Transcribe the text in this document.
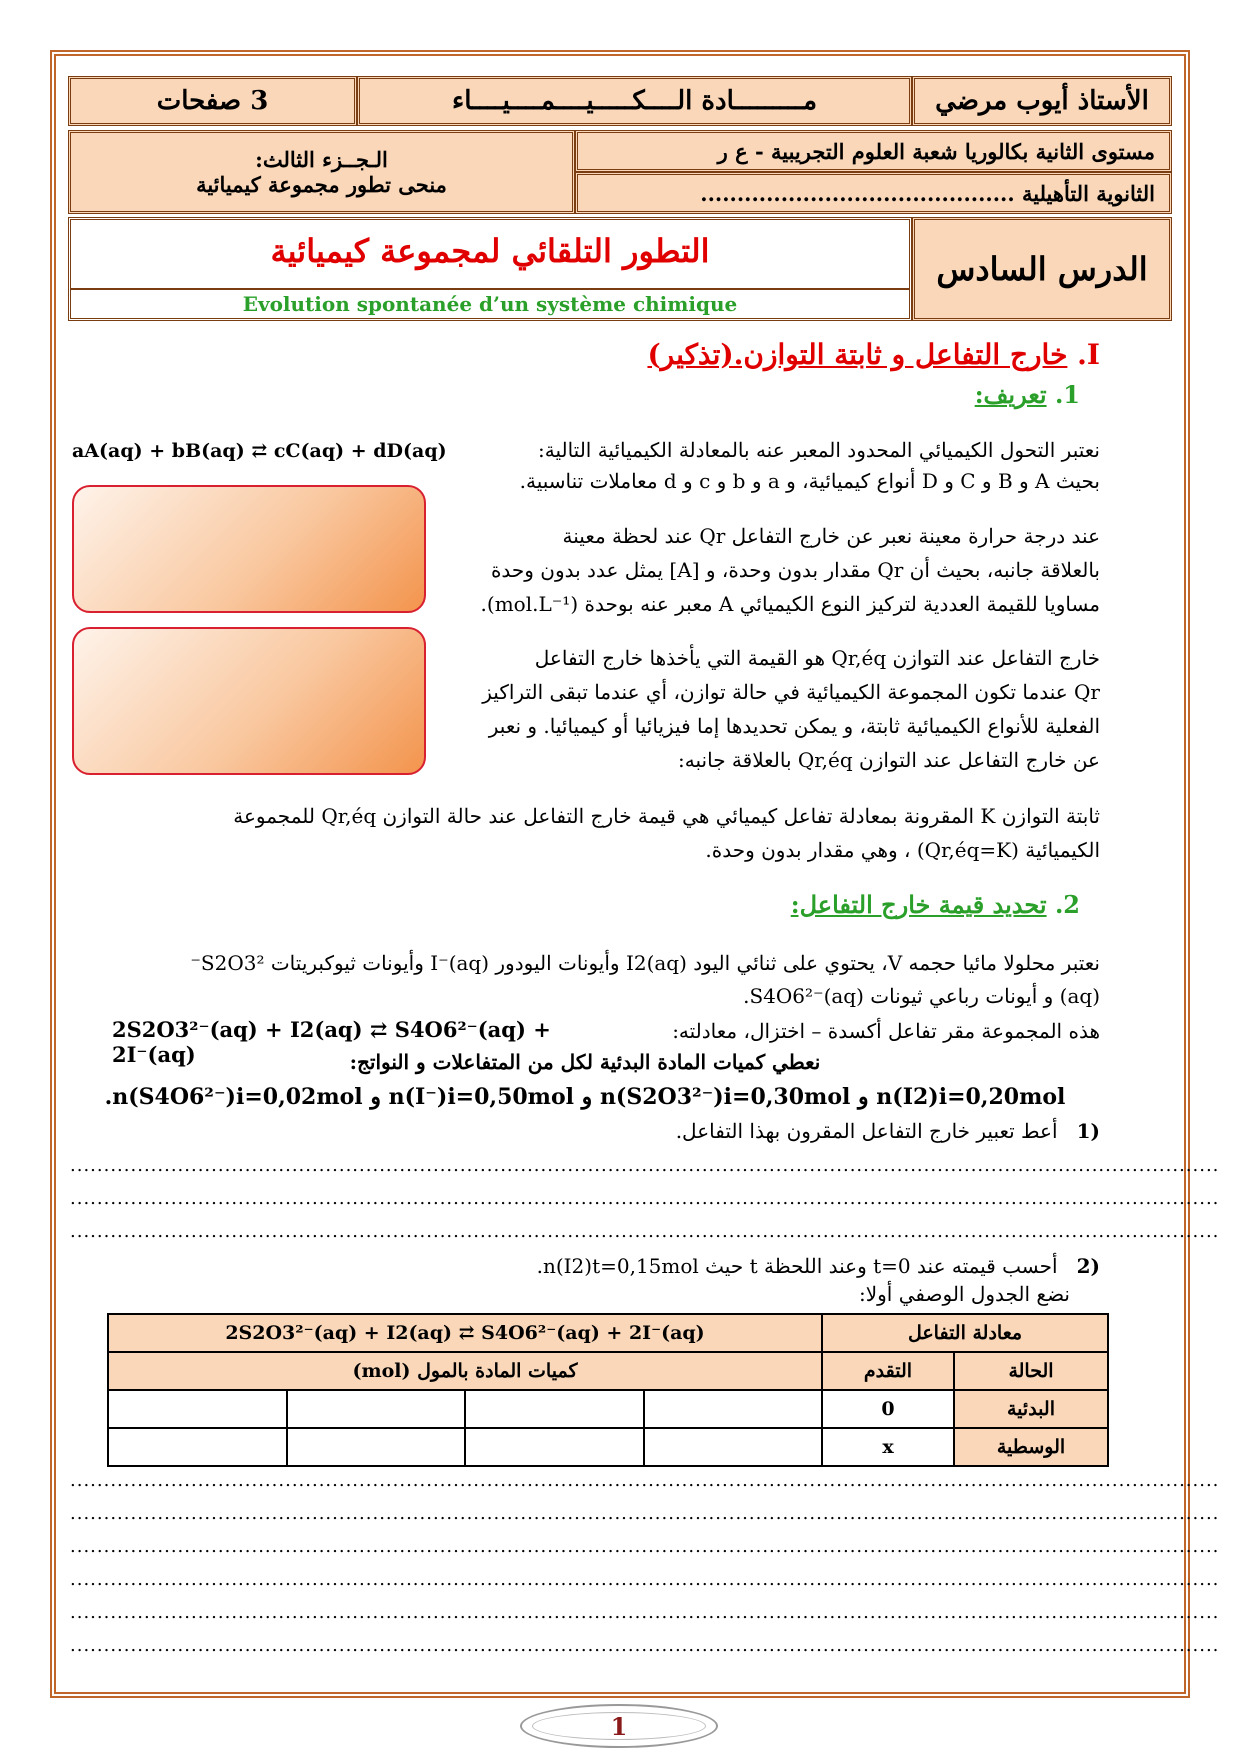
الأستاذ أيوب مرضي
مـــــــــادة الــــكـــــيــــمــــيــــاء
3 صفحات
مستوى الثانية بكالوريا شعبة العلوم التجريبية - ع ر
الثانوية التأهيلية ...........................................
الـجــزء الثالث:
منحى تطور مجموعة كيميائية
الدرس السادس
التطور التلقائي لمجموعة كيميائية
Evolution spontanée d’un système chimique
I. خارج التفاعل و ثابتة التوازن.(تذكير)
1. تعريف:
نعتبر التحول الكيميائي المحدود المعبر عنه بالمعادلة الكيميائية التالية:
aA(aq) + bB(aq) ⇄ cC(aq) + dD(aq)
بحيث A و B و C و D أنواع كيميائية، و a و b و c و d معاملات تناسبية.
عند درجة حرارة معينة نعبر عن خارج التفاعل Qr عند لحظة معينة
بالعلاقة جانبه، بحيث أن Qr مقدار بدون وحدة، و [A] يمثل عدد بدون وحدة
مساويا للقيمة العددية لتركيز النوع الكيميائي A معبر عنه بوحدة (mol.L⁻¹).
خارج التفاعل عند التوازن Qr,éq هو القيمة التي يأخذها خارج التفاعل
Qr عندما تكون المجموعة الكيميائية في حالة توازن، أي عندما تبقى التراكيز
الفعلية للأنواع الكيميائية ثابتة، و يمكن تحديدها إما فيزيائيا أو كيميائيا. و نعبر
عن خارج التفاعل عند التوازن Qr,éq بالعلاقة جانبه:
ثابتة التوازن K المقرونة بمعادلة تفاعل كيميائي هي قيمة خارج التفاعل عند حالة التوازن Qr,éq للمجموعة
الكيميائية (Qr,éq=K) ، وهي مقدار بدون وحدة.
2. تحديد قيمة خارج التفاعل:
نعتبر محلولا مائيا حجمه V، يحتوي على ثنائي اليود I2(aq) وأيونات اليودور I⁻(aq) وأيونات ثيوكبريتات S2O3²⁻
(aq) و أيونات رباعي ثيونات S4O6²⁻(aq).
هذه المجموعة مقر تفاعل أكسدة – اختزال، معادلته:
2S2O3²⁻(aq) + I2(aq) ⇄ S4O6²⁻(aq) + 2I⁻(aq)	نعطي كميات المادة البدئية لكل من المتفاعلات و النواتج:
.n(S4O6²⁻)i=0,02mol و n(I⁻)i=0,50mol و n(S2O3²⁻)i=0,30mol و n(I2)i=0,20mol
(1   أعط تعبير خارج التفاعل المقرون بهذا التفاعل.
...........................................................................................................................................................................
...........................................................................................................................................................................
...........................................................................................................................................................................
(2   أحسب قيمته عند t=0 وعند اللحظة t حيث n(I2)t=0,15mol.
نضع الجدول الوصفي أولا:
معادلة التفاعل		2S2O3²⁻(aq) + I2(aq) ⇄ S4O6²⁻(aq) + 2I⁻(aq)			
الحالة	التقدم	كميات المادة بالمول (mol)			
البدئية	0				
الوسطية	x				
...........................................................................................................................................................................
...........................................................................................................................................................................
...........................................................................................................................................................................
...........................................................................................................................................................................
...........................................................................................................................................................................
...........................................................................................................................................................................
1
